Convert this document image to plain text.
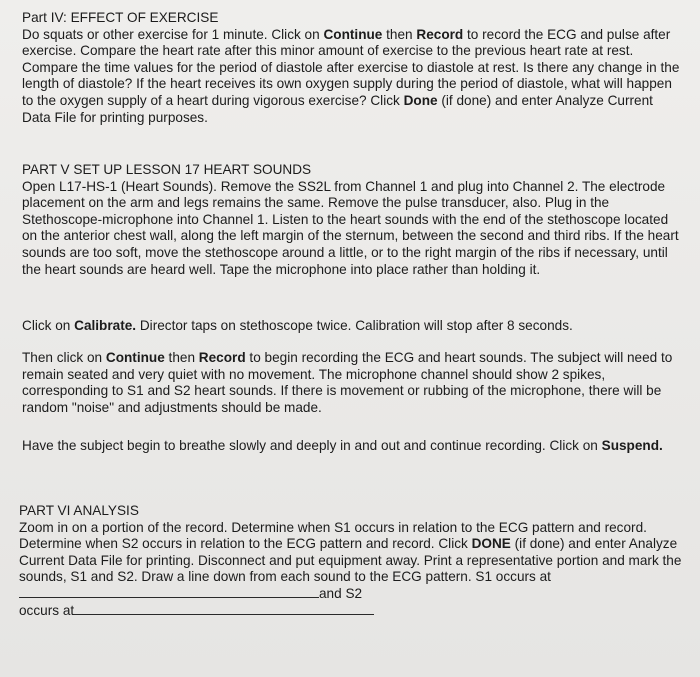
Part IV: EFFECT OF EXERCISE

Do squats or other exercise for 1 minute. Click on Continue then Record to record the ECG and pulse after exercise. Compare the heart rate after this minor amount of exercise to the previous heart rate at rest. Compare the time values for the period of diastole after exercise to diastole at rest. Is there any change in the length of diastole? If the heart receives its own oxygen supply during the period of diastole, what will happen to the oxygen supply of a heart during vigorous exercise? Click Done (if done) and enter Analyze Current Data File for printing purposes.

PART V SET UP LESSON 17 HEART SOUNDS

Open L17-HS-1 (Heart Sounds). Remove the SS2L from Channel 1 and plug into Channel 2. The electrode placement on the arm and legs remains the same. Remove the pulse transducer, also. Plug in the Stethoscope-microphone into Channel 1. Listen to the heart sounds with the end of the stethoscope located on the anterior chest wall, along the left margin of the sternum, between the second and third ribs. If the heart sounds are too soft, move the stethoscope around a little, or to the right margin of the ribs if necessary, until the heart sounds are heard well. Tape the microphone into place rather than holding it.

Click on Calibrate. Director taps on stethoscope twice. Calibration will stop after 8 seconds.

Then click on Continue then Record to begin recording the ECG and heart sounds. The subject will need to remain seated and very quiet with no movement. The microphone channel should show 2 spikes, corresponding to S1 and S2 heart sounds. If there is movement or rubbing of the microphone, there will be random "noise" and adjustments should be made.

Have the subject begin to breathe slowly and deeply in and out and continue recording. Click on Suspend.

PART VI ANALYSIS

Zoom in on a portion of the record. Determine when S1 occurs in relation to the ECG pattern and record. Determine when S2 occurs in relation to the ECG pattern and record. Click DONE (if done) and enter Analyze Current Data File for printing. Disconnect and put equipment away. Print a representative portion and mark the sounds, S1 and S2. Draw a line down from each sound to the ECG pattern. S1 occurs atand S2
occurs at
